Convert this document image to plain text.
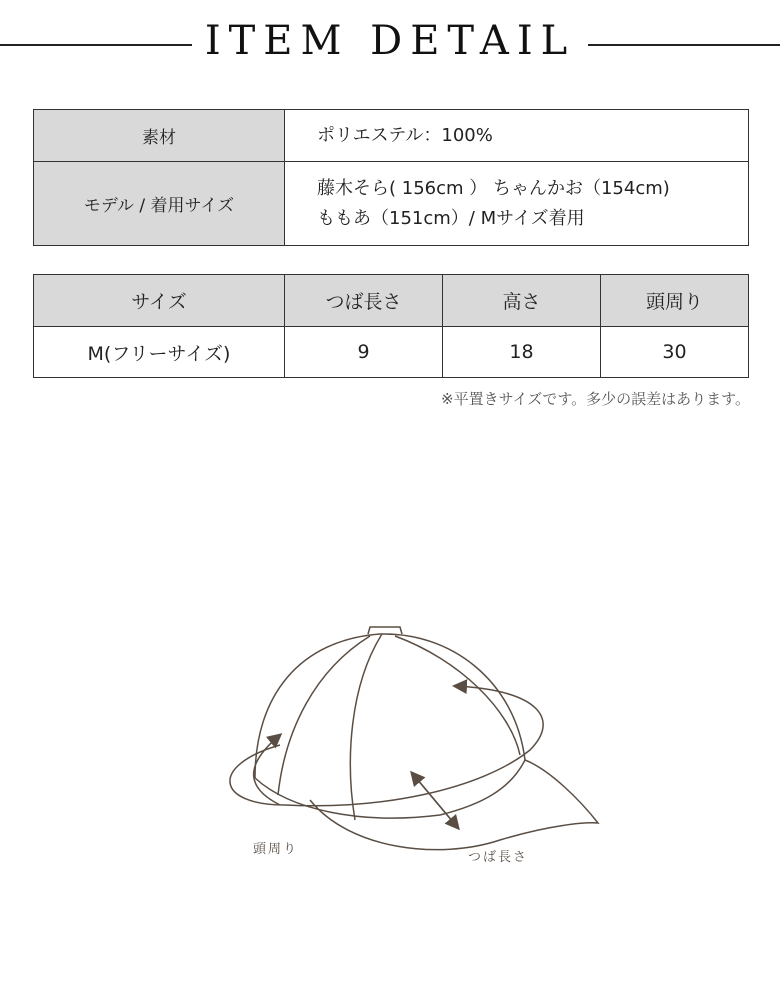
ITEM DETAIL
素材	ポリエステル：100%
モデル / 着用サイズ	藤木そら( 156cm ） ちゃんかお（154cm)
ももあ（151cm）/ Mサイズ着用
サイズ	つば長さ	高さ	頭周り
M(フリーサイズ)	9	18	30
※平置きサイズです。多少の誤差はあります。
頭周り
つば長さ
